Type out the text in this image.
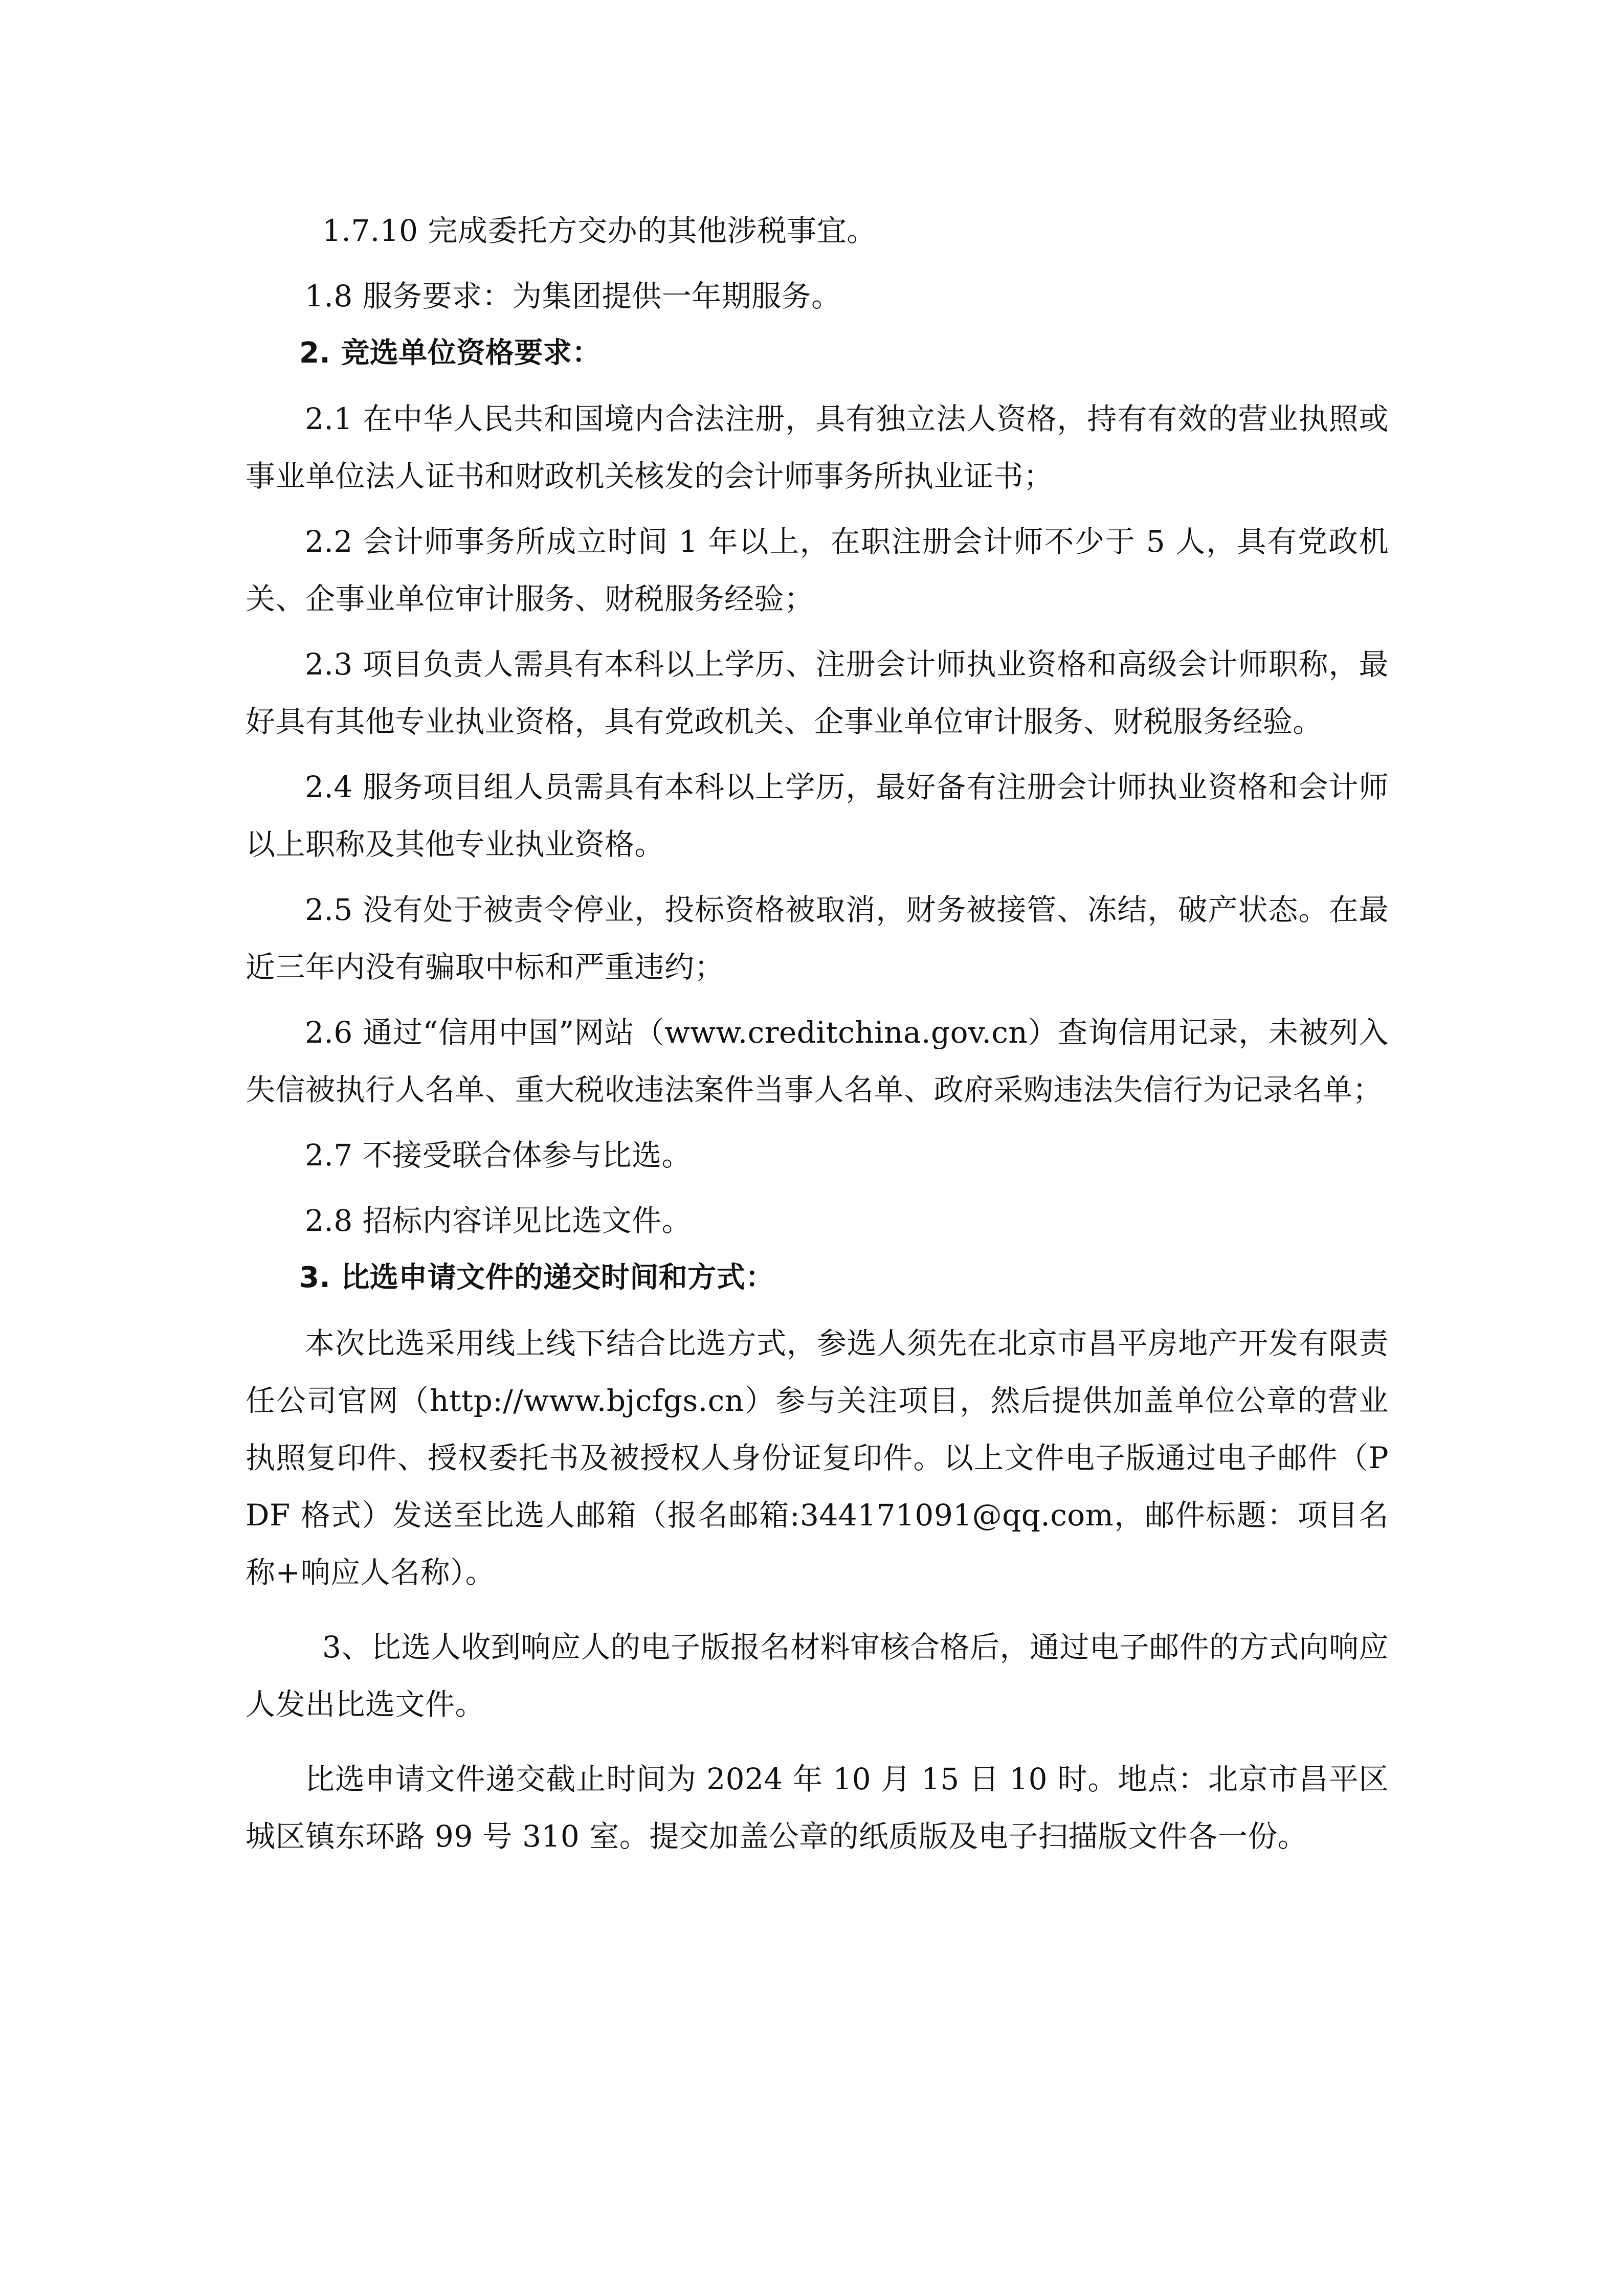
1.7.10 完成委托方交办的其他涉税事宜。

1.8 服务要求：为集团提供一年期服务。

2. 竞选单位资格要求：

2.1 在中华人民共和国境内合法注册，具有独立法人资格，持有有效的营业执照或事业单位法人证书和财政机关核发的会计师事务所执业证书；

2.2 会计师事务所成立时间 1 年以上，在职注册会计师不少于 5 人，具有党政机关、企事业单位审计服务、财税服务经验；

2.3 项目负责人需具有本科以上学历、注册会计师执业资格和高级会计师职称，最好具有其他专业执业资格，具有党政机关、企事业单位审计服务、财税服务经验。

2.4 服务项目组人员需具有本科以上学历，最好备有注册会计师执业资格和会计师以上职称及其他专业执业资格。

2.5 没有处于被责令停业，投标资格被取消，财务被接管、冻结，破产状态。在最近三年内没有骗取中标和严重违约；

2.6 通过“信用中国”网站（www.creditchina.gov.cn）查询信用记录，未被列入失信被执行人名单、重大税收违法案件当事人名单、政府采购违法失信行为记录名单；

2.7 不接受联合体参与比选。

2.8 招标内容详见比选文件。

3. 比选申请文件的递交时间和方式：

本次比选采用线上线下结合比选方式，参选人须先在北京市昌平房地产开发有限责任公司官网（http://www.bjcfgs.cn）参与关注项目，然后提供加盖单位公章的营业执照复印件、授权委托书及被授权人身份证复印件。以上文件电子版通过电子邮件（PDF 格式）发送至比选人邮箱（报名邮箱:344171091@qq.com，邮件标题：项目名称+响应人名称）。

3、比选人收到响应人的电子版报名材料审核合格后，通过电子邮件的方式向响应人发出比选文件。

比选申请文件递交截止时间为 2024 年 10 月 15 日 10 时。地点：北京市昌平区城区镇东环路 99 号 310 室。提交加盖公章的纸质版及电子扫描版文件各一份。
